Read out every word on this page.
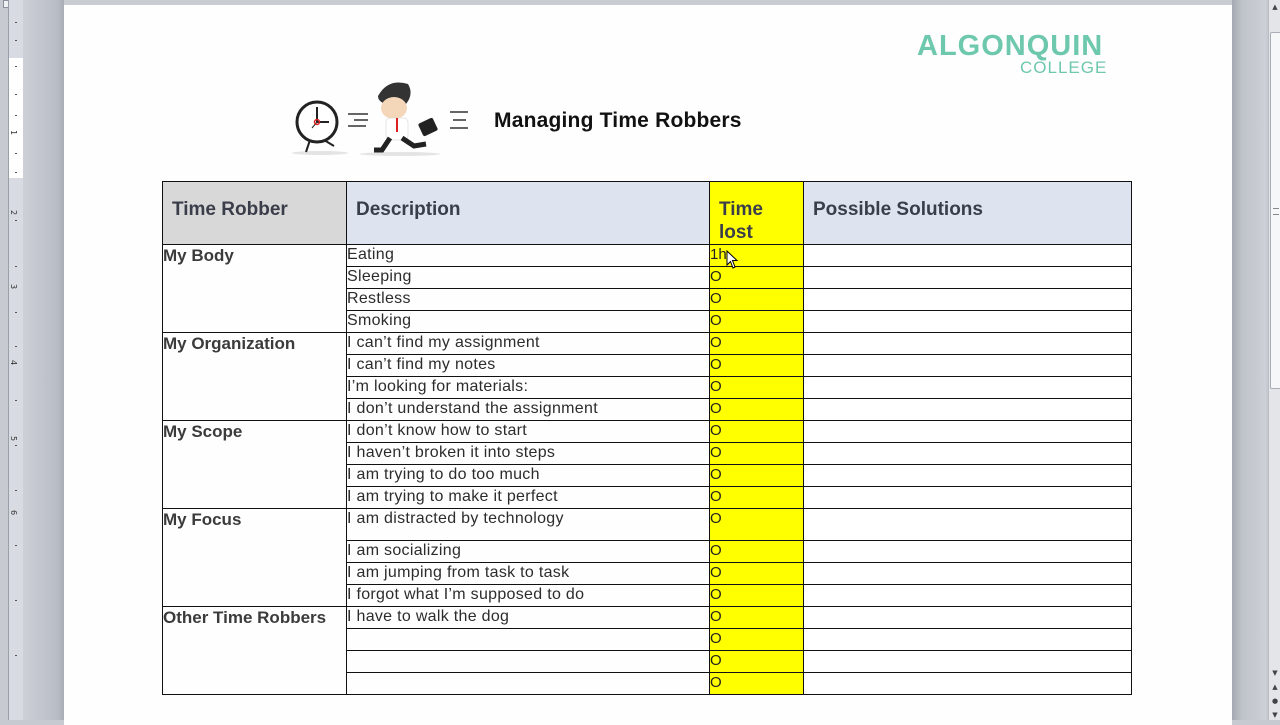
1
2
3
4
5
6
▲
▼
▲
●
▼
ALGONQUIN
COLLEGE
Managing Time Robbers
Time Robber	Description	Time lost	Possible Solutions
My Body	Eating	1h	
	Sleeping	O	
	Restless	O	
	Smoking	O	
My Organization	I can’t find my assignment	O	
	I can’t find my notes	O	
	I’m looking for materials:	O	
	I don’t understand the assignment	O	
My Scope	I don’t know how to start	O	
	I haven’t broken it into steps	O	
	I am trying to do too much	O	
	I am trying to make it perfect	O	
My Focus	I am distracted by technology	O	
	I am socializing	O	
	I am jumping from task to task	O	
	I forgot what I’m supposed to do	O	
Other Time Robbers	I have to walk the dog	O	
		O	
		O	
		O	
